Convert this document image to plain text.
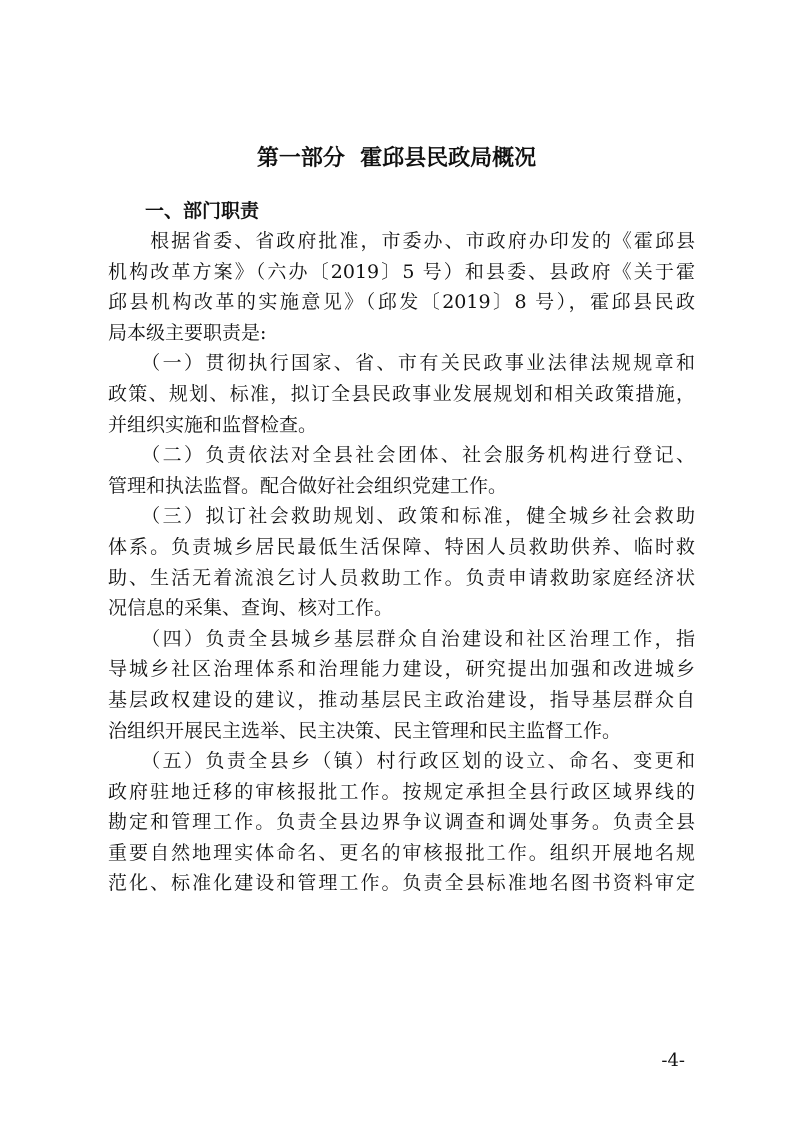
第一部分  霍邱县民政局概况
一、部门职责
　　根据省委、省政府批准，市委办、市政府办印发的《霍邱县
机构改革方案》（六办〔2019〕5 号）和县委、县政府《关于霍
邱县机构改革的实施意见》（邱发〔2019〕8 号），霍邱县民政
局本级主要职责是:
　　（一）贯彻执行国家、省、市有关民政事业法律法规规章和
政策、规划、标准，拟订全县民政事业发展规划和相关政策措施，
并组织实施和监督检查。
　　（二）负责依法对全县社会团体、社会服务机构进行登记、
管理和执法监督。配合做好社会组织党建工作。
　　（三）拟订社会救助规划、政策和标准，健全城乡社会救助
体系。负责城乡居民最低生活保障、特困人员救助供养、临时救
助、生活无着流浪乞讨人员救助工作。负责申请救助家庭经济状
况信息的采集、查询、核对工作。
　　（四）负责全县城乡基层群众自治建设和社区治理工作，指
导城乡社区治理体系和治理能力建设，研究提出加强和改进城乡
基层政权建设的建议，推动基层民主政治建设，指导基层群众自
治组织开展民主选举、民主决策、民主管理和民主监督工作。
　　（五）负责全县乡（镇）村行政区划的设立、命名、变更和
政府驻地迁移的审核报批工作。按规定承担全县行政区域界线的
勘定和管理工作。负责全县边界争议调查和调处事务。负责全县
重要自然地理实体命名、更名的审核报批工作。组织开展地名规
范化、标准化建设和管理工作。负责全县标准地名图书资料审定
-4-
